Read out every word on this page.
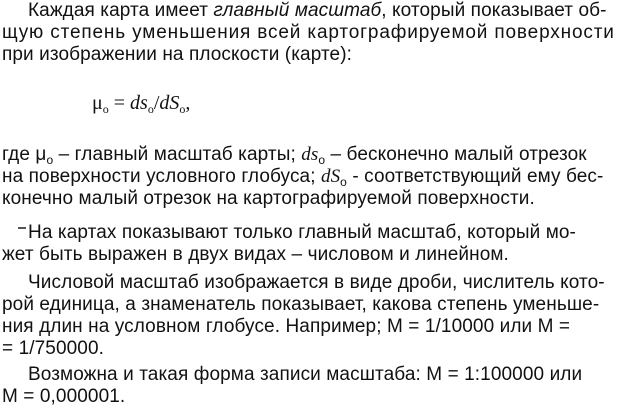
Каждая карта имеет главный масштаб, который показывает об-
щую степень уменьшения всей картографируемой поверхности
при изображении на плоскости (карте):
$\mu_о = ds_о/dS_о$,
где $\mu_о$ – главный масштаб карты; $ds_о$ – бесконечно малый отрезок
на поверхности условного глобуса; $dS_о$ - соответствующий ему бес-
конечно малый отрезок на картографируемой поверхности.
На картах показывают только главный масштаб, который мо-
жет быть выражен в двух видах – числовом и линейном.
Числовой масштаб изображается в виде дроби, числитель кото-
рой единица, а знаменатель показывает, какова степень уменьше-
ния длин на условном глобусе. Например; М = 1/10000 или М =
= 1/750000.
Возможна и такая форма записи масштаба: М = 1:100000 или
М = 0,000001.
